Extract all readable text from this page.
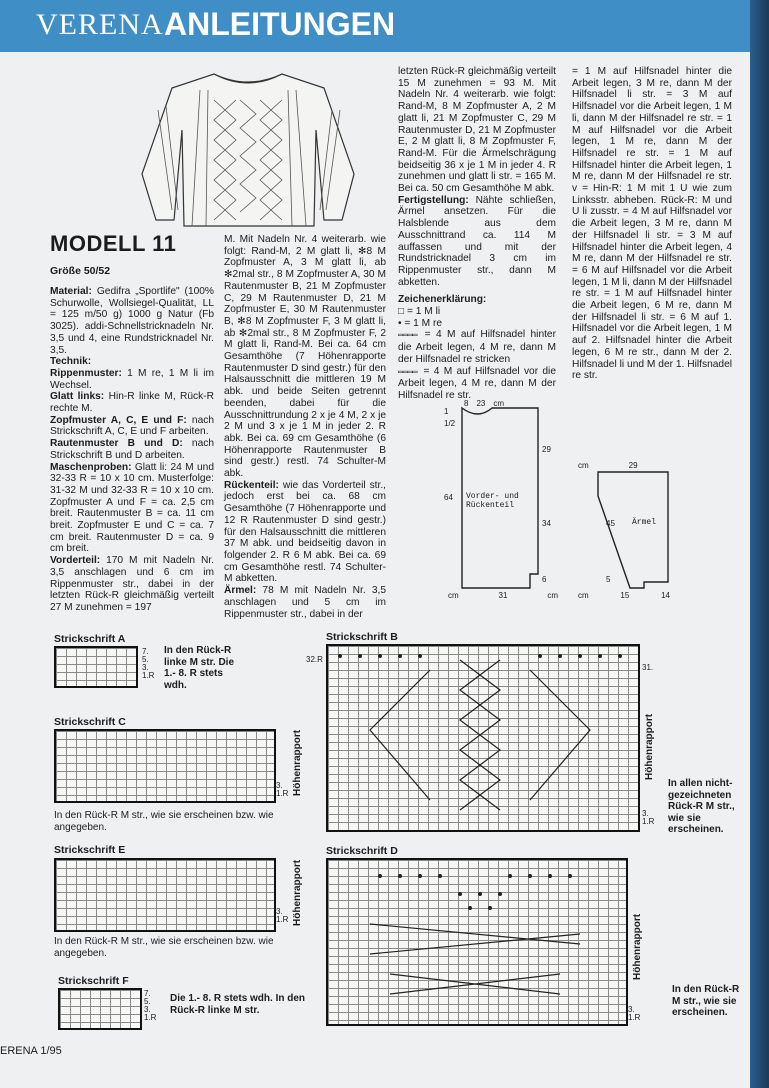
VERENA ANLEITUNGEN
MODELL 11
Größe 50/52

Material: Gedifra „Sportlife" (100% Schurwolle, Wollsiegel-Qualität, LL = 125 m/50 g) 1000 g Natur (Fb 3025). addi-Schnellstricknadeln Nr. 3,5 und 4, eine Rundstricknadel Nr. 3,5.

Technik:

Rippenmuster: 1 M re, 1 M li im Wechsel.

Glatt links: Hin-R linke M, Rück-R rechte M.

Zopfmuster A, C, E und F: nach Strickschrift A, C, E und F arbeiten.

Rautenmuster B und D: nach Strickschrift B und D arbeiten.

Maschenproben: Glatt li: 24 M und 32-33 R = 10 x 10 cm. Musterfolge: 31-32 M und 32-33 R = 10 x 10 cm. Zopfmuster A und F = ca. 2,5 cm breit. Rautenmuster B = ca. 11 cm breit. Zopfmuster E und C = ca. 7 cm breit. Rautenmuster D = ca. 9 cm breit.

Vorderteil: 170 M mit Nadeln Nr. 3,5 anschlagen und 6 cm im Rippenmuster str., dabei in der letzten Rück-R gleichmäßig verteilt 27 M zunehmen = 197

M. Mit Nadeln Nr. 4 weiterarb. wie folgt: Rand-M, 2 M glatt li, ✻8 M Zopfmuster A, 3 M glatt li, ab ✻2mal str., 8 M Zopfmuster A, 30 M Rautenmuster B, 21 M Zopfmuster C, 29 M Rautenmuster D, 21 M Zopfmuster E, 30 M Rautenmuster B, ✻8 M Zopfmuster F, 3 M glatt li, ab ✻2mal str., 8 M Zopfmuster F, 2 M glatt li, Rand-M. Bei ca. 64 cm Gesamthöhe (7 Höhenrapporte Rautenmuster D sind gestr.) für den Halsausschnitt die mittleren 19 M abk. und beide Seiten getrennt beenden, dabei für die Ausschnittrundung 2 x je 4 M, 2 x je 2 M und 3 x je 1 M in jeder 2. R abk. Bei ca. 69 cm Gesamthöhe (6 Höhenrapporte Rautenmuster B sind gestr.) restl. 74 Schulter-M abk.

Rückenteil: wie das Vorderteil str., jedoch erst bei ca. 68 cm Gesamthöhe (7 Höhenrapporte und 12 R Rautenmuster D sind gestr.) für den Halsausschnitt die mittleren 37 M abk. und beidseitig davon in folgender 2. R 6 M abk. Bei ca. 69 cm Gesamthöhe restl. 74 Schulter-M abketten.

Ärmel: 78 M mit Nadeln Nr. 3,5 anschlagen und 5 cm im Rippenmuster str., dabei in der

letzten Rück-R gleichmäßig verteilt 15 M zunehmen = 93 M. Mit Nadeln Nr. 4 weiterarb. wie folgt: Rand-M, 8 M Zopfmuster A, 2 M glatt li, 21 M Zopfmuster C, 29 M Rautenmuster D, 21 M Zopfmuster E, 2 M glatt li, 8 M Zopfmuster F, Rand-M. Für die Ärmelschrägung beidseitig 36 x je 1 M in jeder 4. R zunehmen und glatt li str. = 165 M. Bei ca. 50 cm Gesamthöhe M abk.

Fertigstellung: Nähte schließen, Ärmel ansetzen. Für die Halsblende aus dem Ausschnittrand ca. 114 M auffassen und mit der Rundstricknadel 3 cm im Rippenmuster str., dann M abketten.

Zeichenerklärung:

□ = 1 M li

• = 1 M re

▭▭▭▭ = 4 M auf Hilfsnadel hinter die Arbeit legen, 4 M re, dann M der Hilfsnadel re stricken

▭▭▭▭ = 4 M auf Hilfsnadel vor die Arbeit legen, 4 M re, dann M der Hilfsnadel re str.

= 1 M auf Hilfsnadel hinter die Arbeit legen, 3 M re, dann M der Hilfsnadel li str. = 3 M auf Hilfsnadel vor die Arbeit legen, 1 M li, dann M der Hilfsnadel re str. = 1 M auf Hilfsnadel vor die Arbeit legen, 1 M re, dann M der Hilfsnadel re str. = 1 M auf Hilfsnadel hinter die Arbeit legen, 1 M re, dann M der Hilfsnadel re str. v = Hin-R: 1 M mit 1 U wie zum Linksstr. abheben. Rück-R: M und U li zusstr. = 4 M auf Hilfsnadel vor die Arbeit legen, 3 M re, dann M der Hilfsnadel li str. = 3 M auf Hilfsnadel hinter die Arbeit legen, 4 M re, dann M der Hilfsnadel re str. = 6 M auf Hilfsnadel vor die Arbeit legen, 1 M li, dann M der Hilfsnadel re str. = 1 M auf Hilfsnadel hinter die Arbeit legen, 6 M re, dann M der Hilfsnadel li str. = 6 M auf 1. Hilfsnadel vor die Arbeit legen, 1 M auf 2. Hilfsnadel hinter die Arbeit legen, 6 M re str., dann M der 2. Hilfsnadel li und M der 1. Hilfsnadel re str.

8 23 cm
1
1/2
64
29
34
6
Vorder- und Rückenteil
cm	31	cm
cm	29
45
5
Ärmel
cm	15	14
Strickschrift A
7.
5.
3.
1.R
In den Rück-R linke M str. Die 1.- 8. R stets wdh.
Strickschrift C
3.
1.R Höhenrapport
In den Rück-R M str., wie sie erscheinen bzw. wie angegeben.
Strickschrift E
3.
1.R Höhenrapport
In den Rück-R M str., wie sie erscheinen bzw. wie angegeben.
Strickschrift F
7.
5.
3.
1.R
Die 1.- 8. R stets wdh. In den Rück-R linke M str.
Strickschrift B
32.R
31.
3.
1.R
Höhenrapport
In allen nicht-gezeichneten Rück-R M str., wie sie erscheinen.
Strickschrift D
3.
1.R
Höhenrapport
In den Rück-R M str., wie sie erscheinen.
ERENA 1/95
